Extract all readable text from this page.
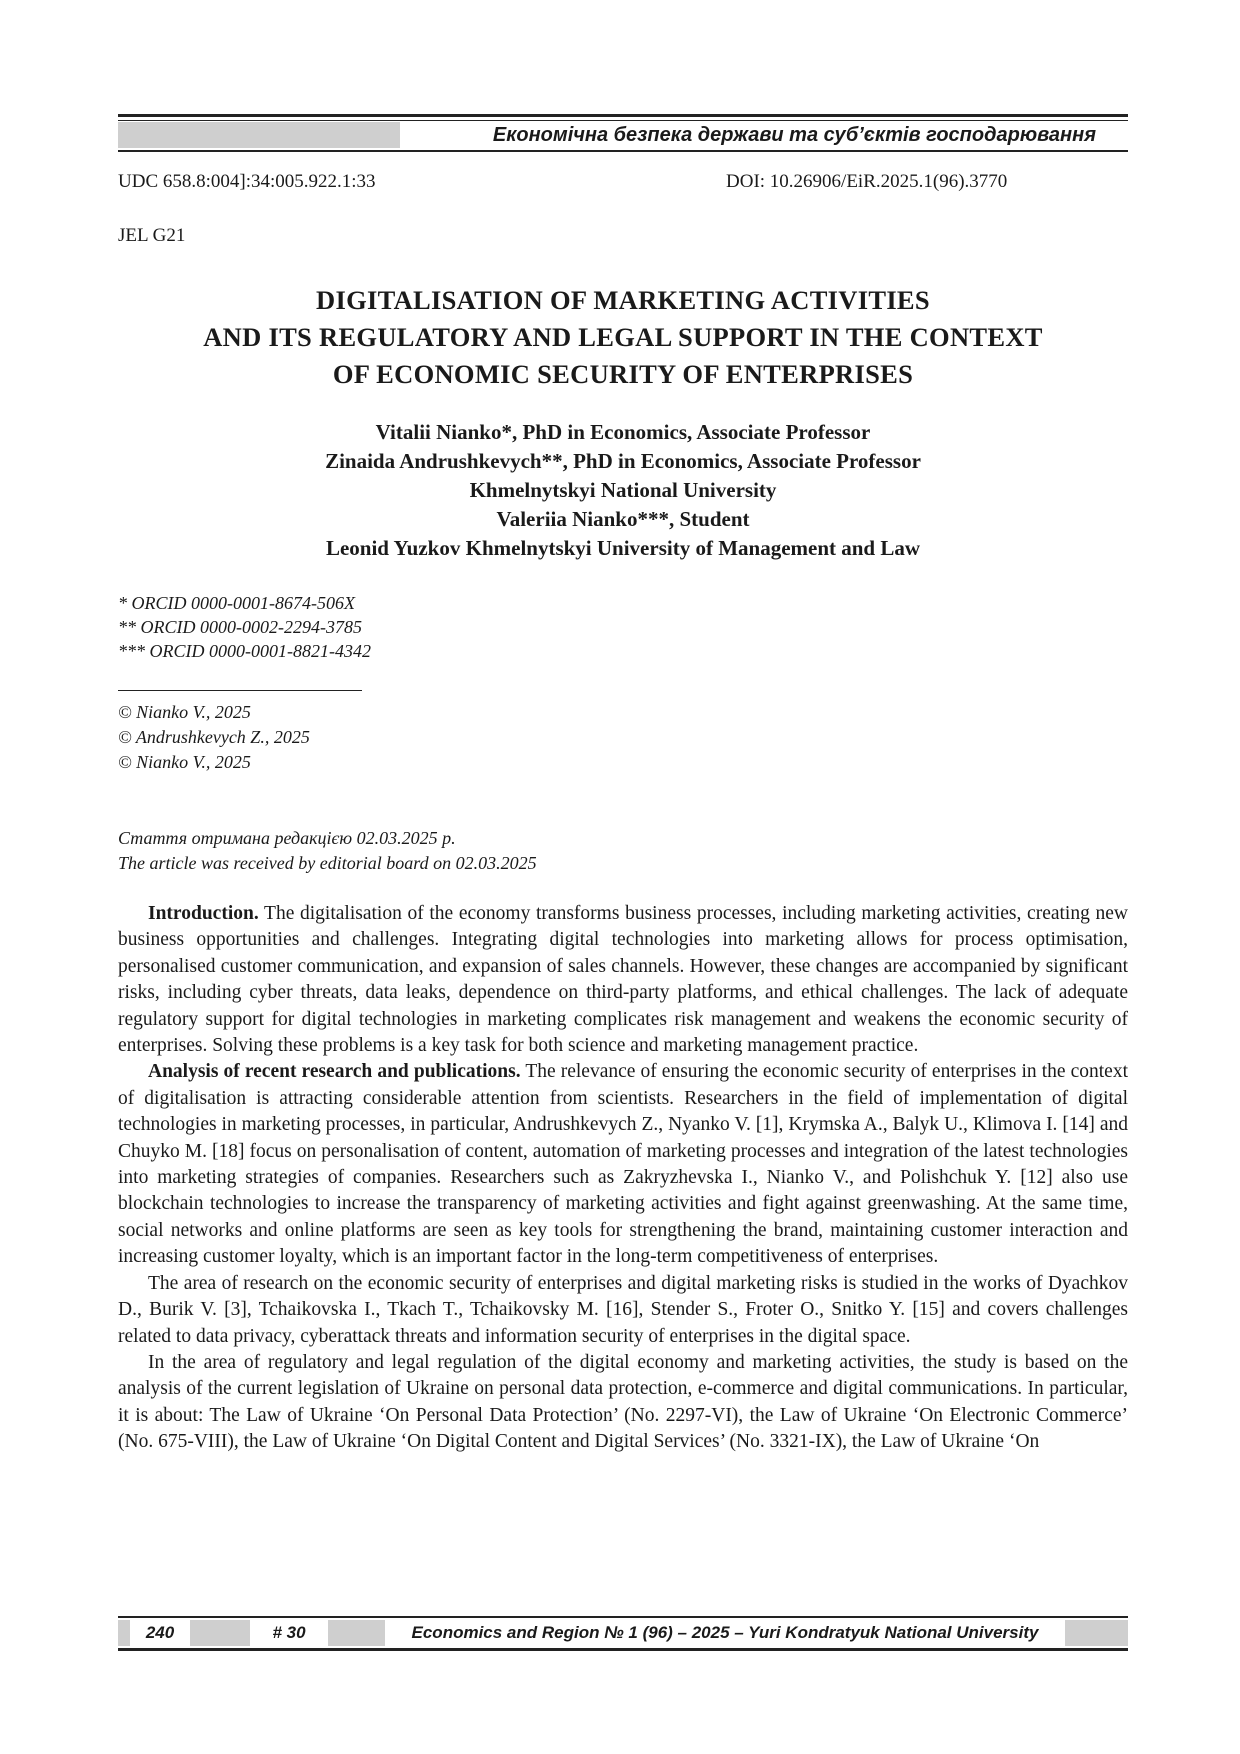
Економічна безпека держави та суб’єктів господарювання
UDC 658.8:004]:34:005.922.1:33	DOI: 10.26906/EiR.2025.1(96).3770
JEL G21
DIGITALISATION OF MARKETING ACTIVITIES
AND ITS REGULATORY AND LEGAL SUPPORT IN THE CONTEXT
OF ECONOMIC SECURITY OF ENTERPRISES
Vitalii Nianko*, PhD in Economics, Associate Professor
Zinaida Andrushkevych**, PhD in Economics, Associate Professor
Khmelnytskyi National University
Valeriia Nianko***, Student
Leonid Yuzkov Khmelnytskyi University of Management and Law
* ORCID 0000-0001-8674-506X
** ORCID 0000-0002-2294-3785
*** ORCID 0000-0001-8821-4342
© Nianko V., 2025
© Andrushkevych Z., 2025
© Nianko V., 2025
Стаття отримана редакцією 02.03.2025 р.
The article was received by editorial board on 02.03.2025

Introduction. The digitalisation of the economy transforms business processes, including marketing activities, creating new business opportunities and challenges. Integrating digital technologies into marketing allows for process optimisation, personalised customer communication, and expansion of sales channels. However, these changes are accompanied by significant risks, including cyber threats, data leaks, dependence on third-party platforms, and ethical challenges. The lack of adequate regulatory support for digital technologies in marketing complicates risk management and weakens the economic security of enterprises. Solving these problems is a key task for both science and marketing management practice.

Analysis of recent research and publications. The relevance of ensuring the economic security of enterprises in the context of digitalisation is attracting considerable attention from scientists. Researchers in the field of implementation of digital technologies in marketing processes, in particular, Andrushkevych Z., Nyanko V. [1], Krymska A., Balyk U., Klimova I. [14] and Chuyko M. [18] focus on personalisation of content, automation of marketing processes and integration of the latest technologies into marketing strategies of companies. Researchers such as Zakryzhevska I., Nianko V., and Polishchuk Y. [12] also use blockchain technologies to increase the transparency of marketing activities and fight against greenwashing. At the same time, social networks and online platforms are seen as key tools for strengthening the brand, maintaining customer interaction and increasing customer loyalty, which is an important factor in the long-term competitiveness of enterprises.

The area of research on the economic security of enterprises and digital marketing risks is studied in the works of Dyachkov D., Burik V. [3], Tchaikovska I., Tkach T., Tchaikovsky M. [16], Stender S., Froter O., Snitko Y. [15] and covers challenges related to data privacy, cyberattack threats and information security of enterprises in the digital space.

In the area of regulatory and legal regulation of the digital economy and marketing activities, the study is based on the analysis of the current legislation of Ukraine on personal data protection, e-commerce and digital communications. In particular, it is about: The Law of Ukraine ‘On Personal Data Protection’ (No. 2297-VI), the Law of Ukraine ‘On Electronic Commerce’ (No. 675-VIII), the Law of Ukraine ‘On Digital Content and Digital Services’ (No. 3321-IX), the Law of Ukraine ‘On

240	# 30	Economics and Region № 1 (96) – 2025 – Yuri Kondratyuk National University
